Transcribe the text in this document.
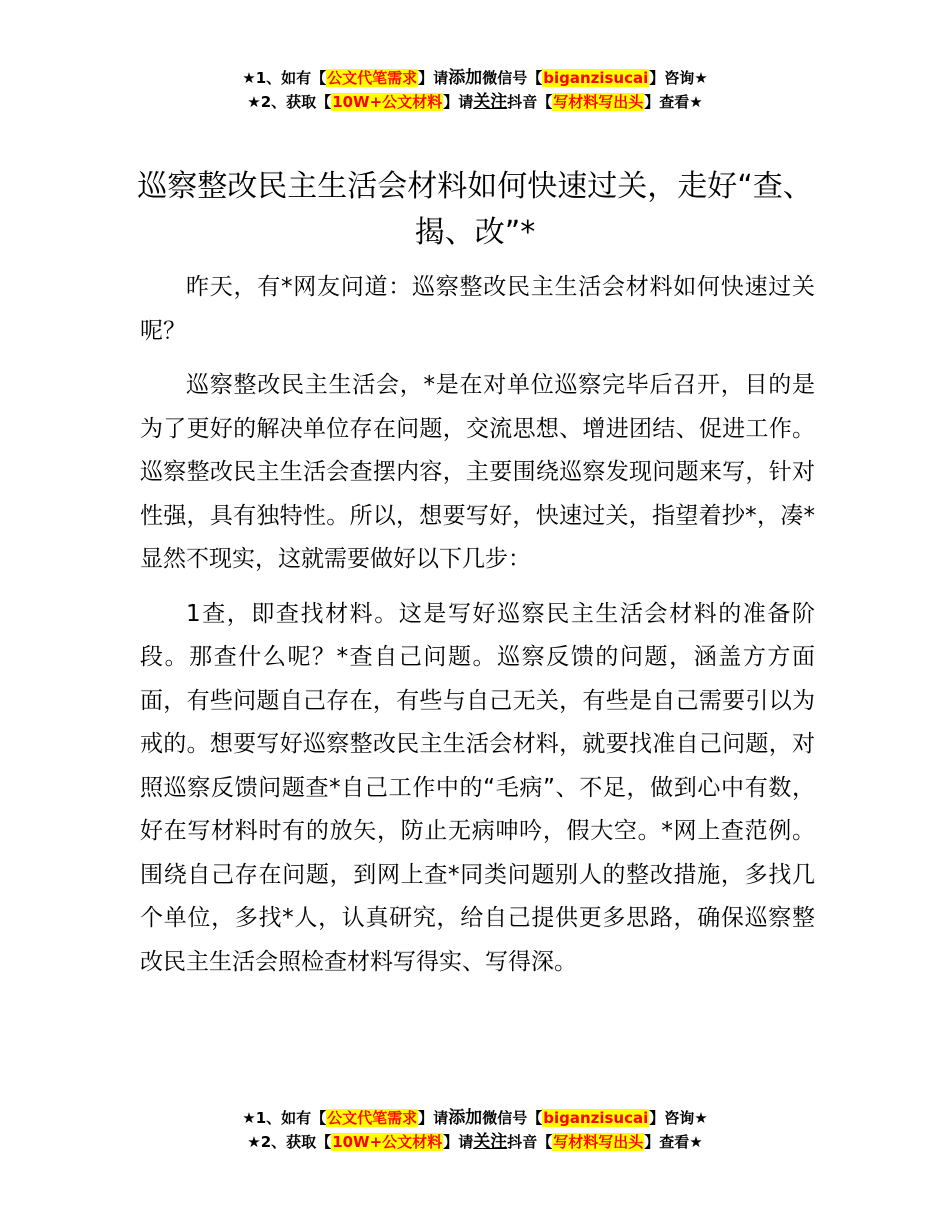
★1、如有【公文代笔需求】请添加微信号【biganzisucai】咨询★
★2、获取【10W+公文材料】请关注抖音【写材料写出头】查看★
巡察整改民主生活会材料如何快速过关，走好“查、揭、改”*

昨天，有*网友问道：巡察整改民主生活会材料如何快速过关呢？

巡察整改民主生活会，*是在对单位巡察完毕后召开，目的是为了更好的解决单位存在问题，交流思想、增进团结、促进工作。巡察整改民主生活会查摆内容，主要围绕巡察发现问题来写，针对性强，具有独特性。所以，想要写好，快速过关，指望着抄*，凑*显然不现实，这就需要做好以下几步：

1查，即查找材料。这是写好巡察民主生活会材料的准备阶段。那查什么呢？*查自己问题。巡察反馈的问题，涵盖方方面面，有些问题自己存在，有些与自己无关，有些是自己需要引以为戒的。想要写好巡察整改民主生活会材料，就要找准自己问题，对照巡察反馈问题查*自己工作中的“毛病”、不足，做到心中有数，好在写材料时有的放矢，防止无病呻吟，假大空。*网上查范例。围绕自己存在问题，到网上查*同类问题别人的整改措施，多找几个单位，多找*人，认真研究，给自己提供更多思路，确保巡察整改民主生活会照检查材料写得实、写得深。

★1、如有【公文代笔需求】请添加微信号【biganzisucai】咨询★
★2、获取【10W+公文材料】请关注抖音【写材料写出头】查看★
